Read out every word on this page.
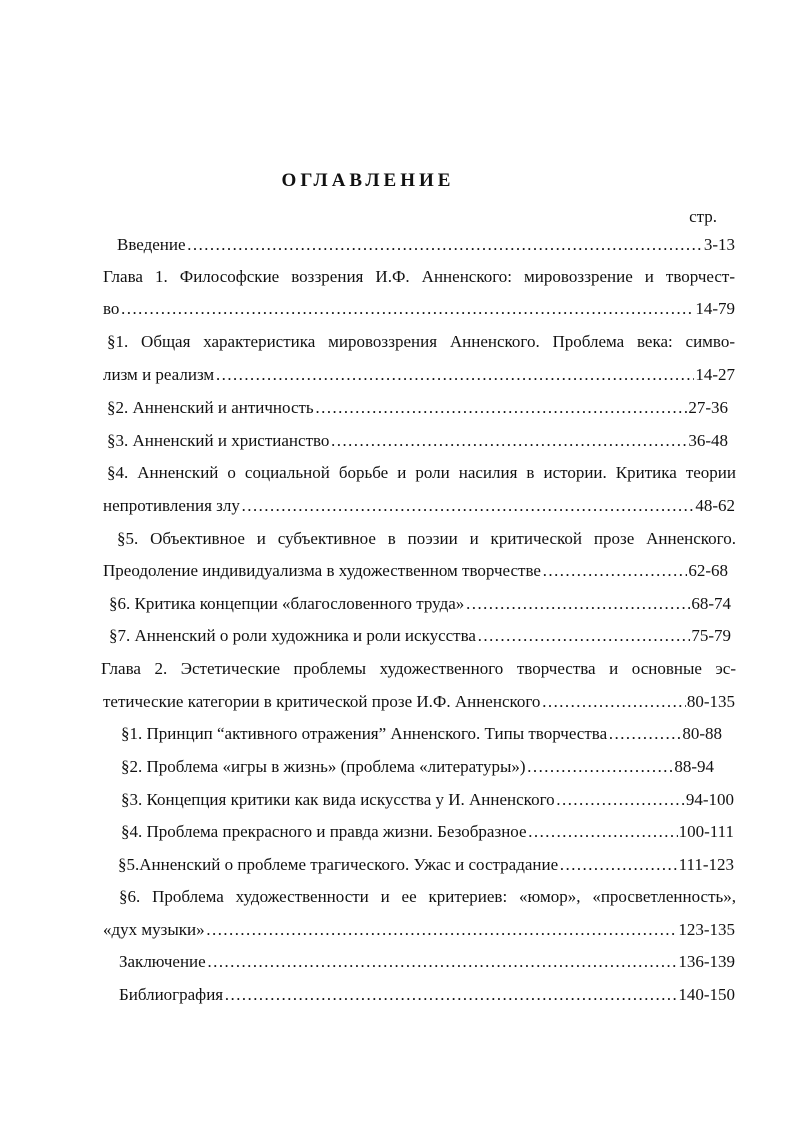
ОГЛАВЛЕНИЕ
стр.
Введение ………………………………………………………………………………………………………………………………………………………………………………………………………………………………	3-13
Глава 1. Философские воззрения И.Ф. Анненского: мировоззрение и творчест-
во ………………………………………………………………………………………………………………………………………………………………………………………………………………………………	14-79
§1. Общая характеристика мировоззрения Анненского. Проблема века: симво-
лизм и реализм ………………………………………………………………………………………………………………………………………………………………………………………………………………………………	14-27
§2. Анненский и античность ………………………………………………………………………………………………………………………………………………………………………………………………………………………………	27-36
§3. Анненский и христианство ………………………………………………………………………………………………………………………………………………………………………………………………………………………………	36-48
§4. Анненский о социальной борьбе и роли насилия в истории. Критика теории
непротивления злу ………………………………………………………………………………………………………………………………………………………………………………………………………………………………	48-62
§5. Объективное и субъективное в поэзии и критической прозе Анненского.
Преодоление индивидуализма в художественном творчестве ………………………………………………………………………………………………………………………………………………………………………………………………………………………………	62-68
§6. Критика концепции «благословенного труда» ………………………………………………………………………………………………………………………………………………………………………………………………………………………………	68-74
§7. Анненский о роли художника и роли искусства ………………………………………………………………………………………………………………………………………………………………………………………………………………………………	75-79
Глава 2. Эстетические проблемы художественного творчества и основные эс-
тетические категории в критической прозе И.Ф. Анненского ………………………………………………………………………………………………………………………………………………………………………………………………………………………………	80-135
§1. Принцип “активного отражения” Анненского. Типы творчества ………………………………………………………………………………………………………………………………………………………………………………………………………………………………	80-88
§2. Проблема «игры в жизнь» (проблема «литературы») ………………………………………………………………………………………………………………………………………………………………………………………………………………………………	88-94
§3. Концепция критики как вида искусства у И. Анненского ………………………………………………………………………………………………………………………………………………………………………………………………………………………………	94-100
§4. Проблема прекрасного и правда жизни. Безобразное ………………………………………………………………………………………………………………………………………………………………………………………………………………………………	100-111
§5.Анненский о проблеме трагического. Ужас и сострадание ………………………………………………………………………………………………………………………………………………………………………………………………………………………………	111-123
§6. Проблема художественности и ее критериев: «юмор», «просветленность»,
«дух музыки» ………………………………………………………………………………………………………………………………………………………………………………………………………………………………	123-135
Заключение ………………………………………………………………………………………………………………………………………………………………………………………………………………………………	136-139
Библиография ………………………………………………………………………………………………………………………………………………………………………………………………………………………………	140-150
